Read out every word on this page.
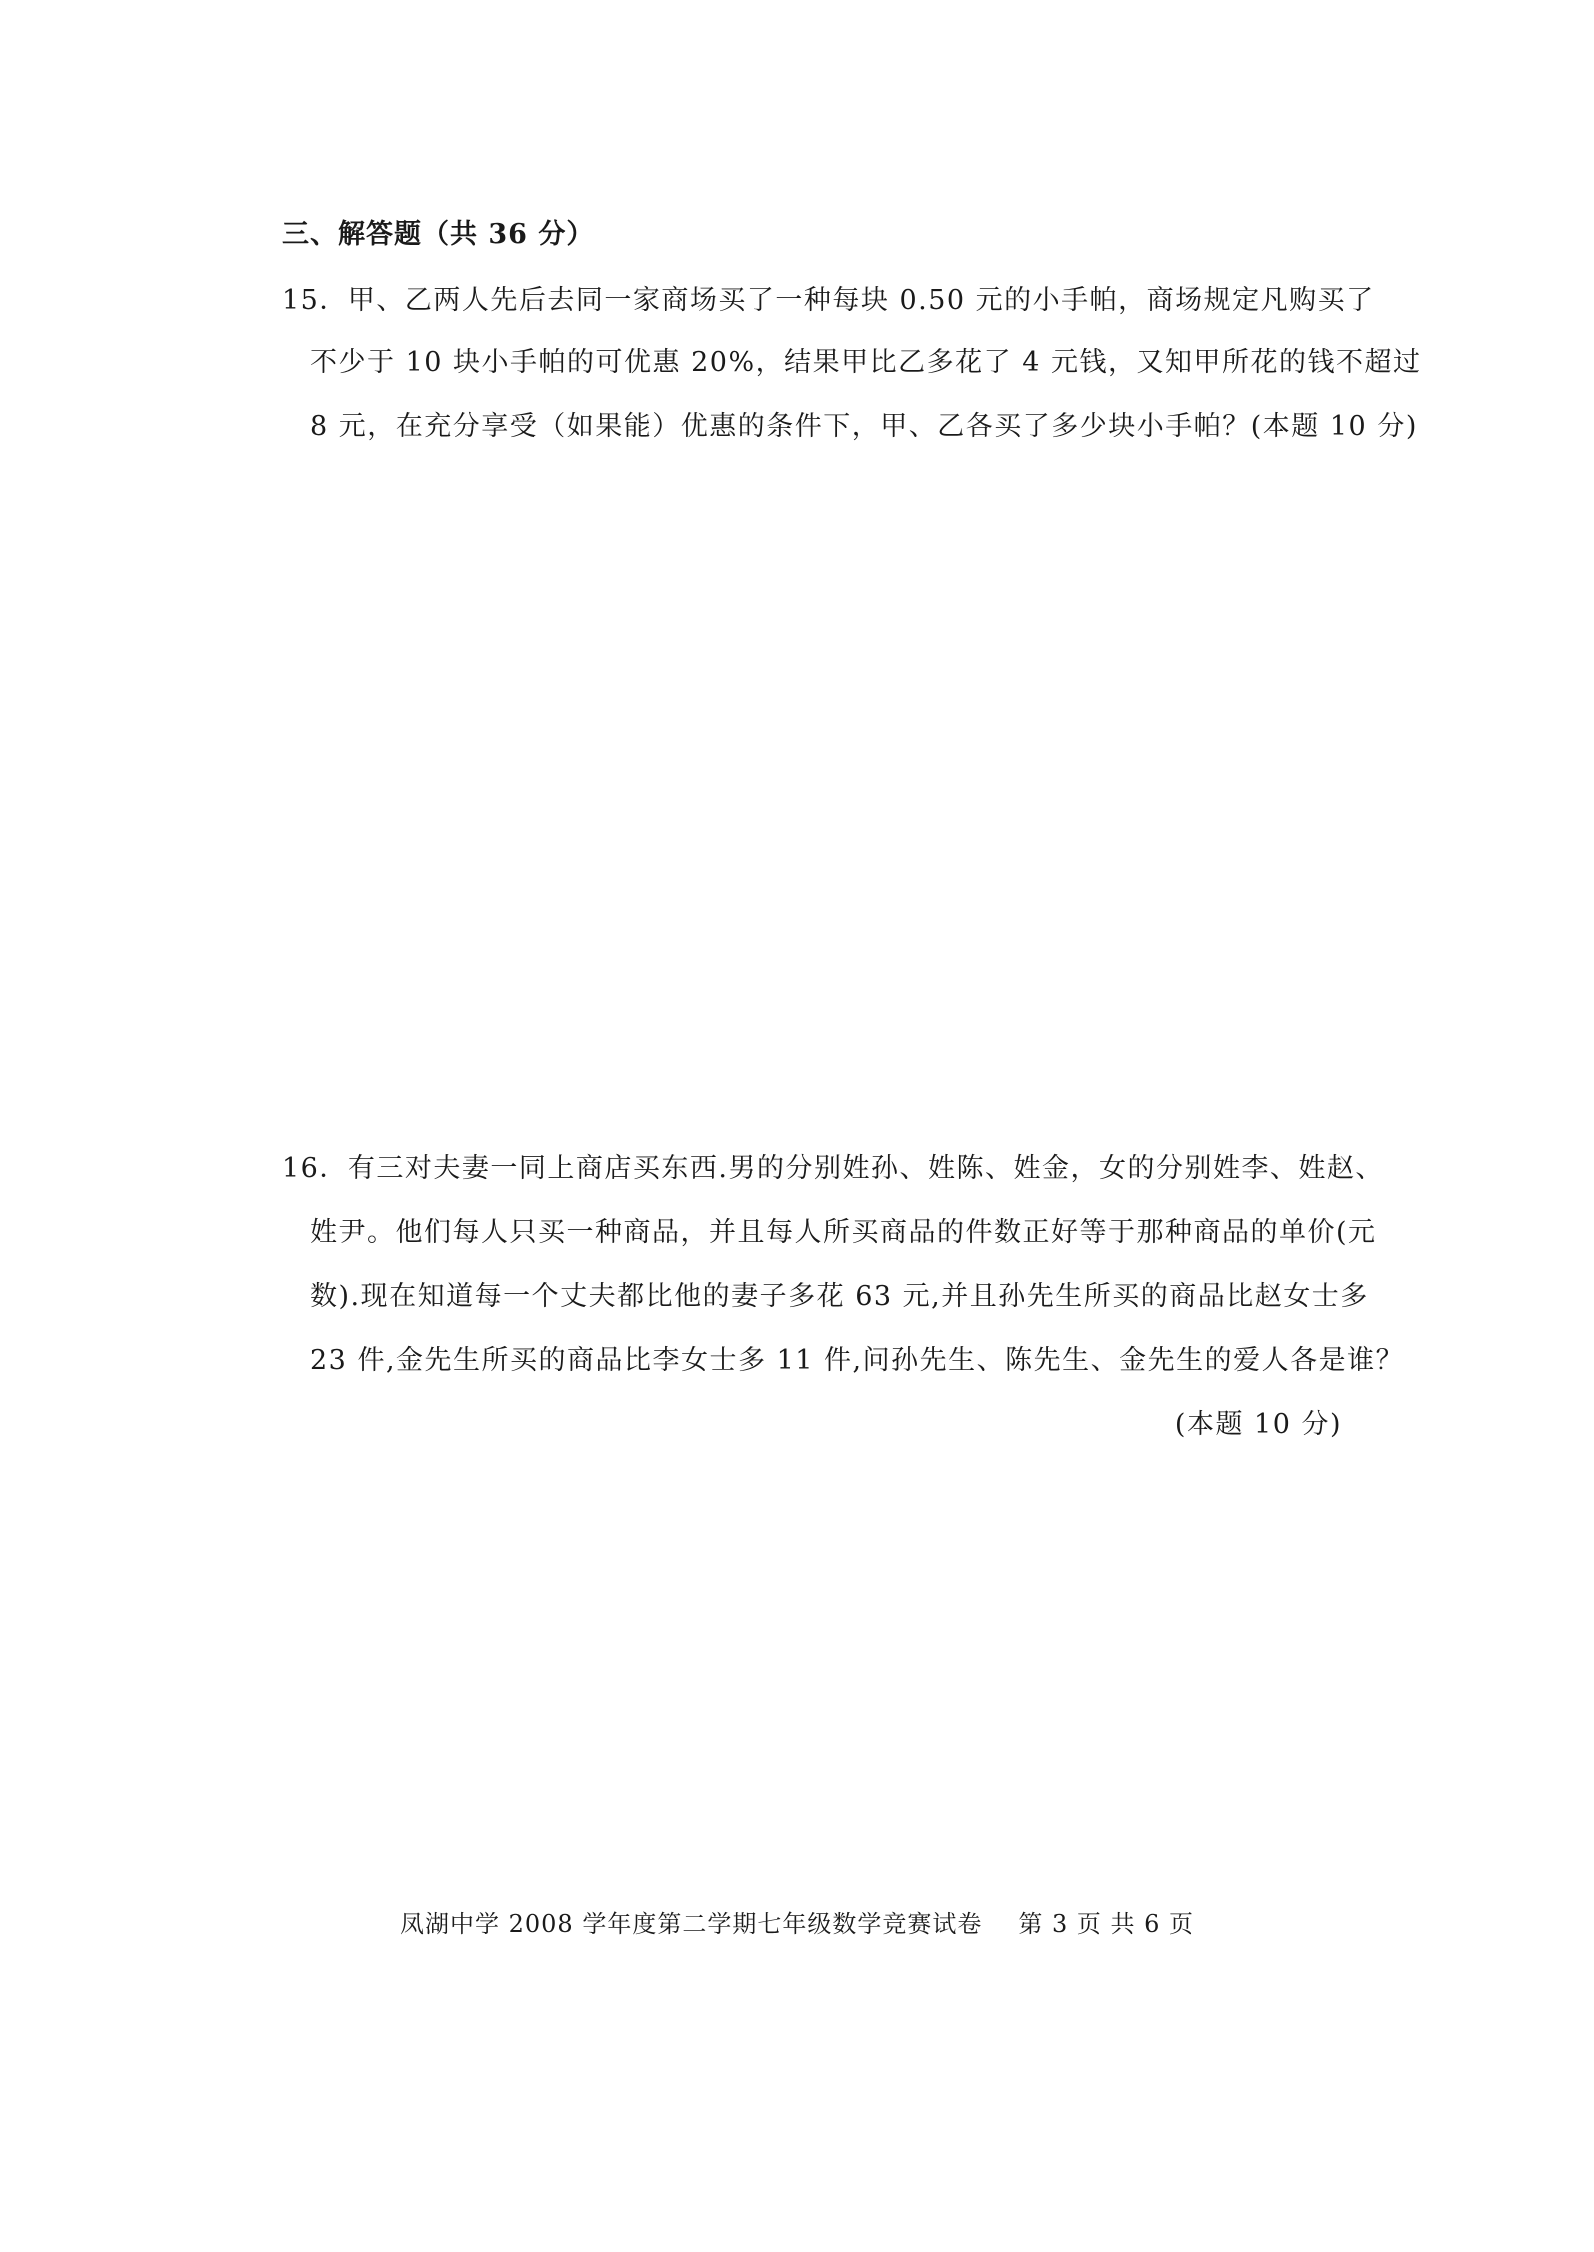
三、解答题（共 36 分）
15．甲、乙两人先后去同一家商场买了一种每块 0.50 元的小手帕，商场规定凡购买了
不少于 10 块小手帕的可优惠 20%，结果甲比乙多花了 4 元钱，又知甲所花的钱不超过
8 元，在充分享受（如果能）优惠的条件下，甲、乙各买了多少块小手帕？(本题 10 分)
16．有三对夫妻一同上商店买东西.男的分别姓孙、姓陈、姓金，女的分别姓李、姓赵、
姓尹。他们每人只买一种商品，并且每人所买商品的件数正好等于那种商品的单价(元
数).现在知道每一个丈夫都比他的妻子多花 63 元,并且孙先生所买的商品比赵女士多
23 件,金先生所买的商品比李女士多 11 件,问孙先生、陈先生、金先生的爱人各是谁？
(本题 10 分)
凤湖中学 2008 学年度第二学期七年级数学竞赛试卷 第 3 页 共 6 页
